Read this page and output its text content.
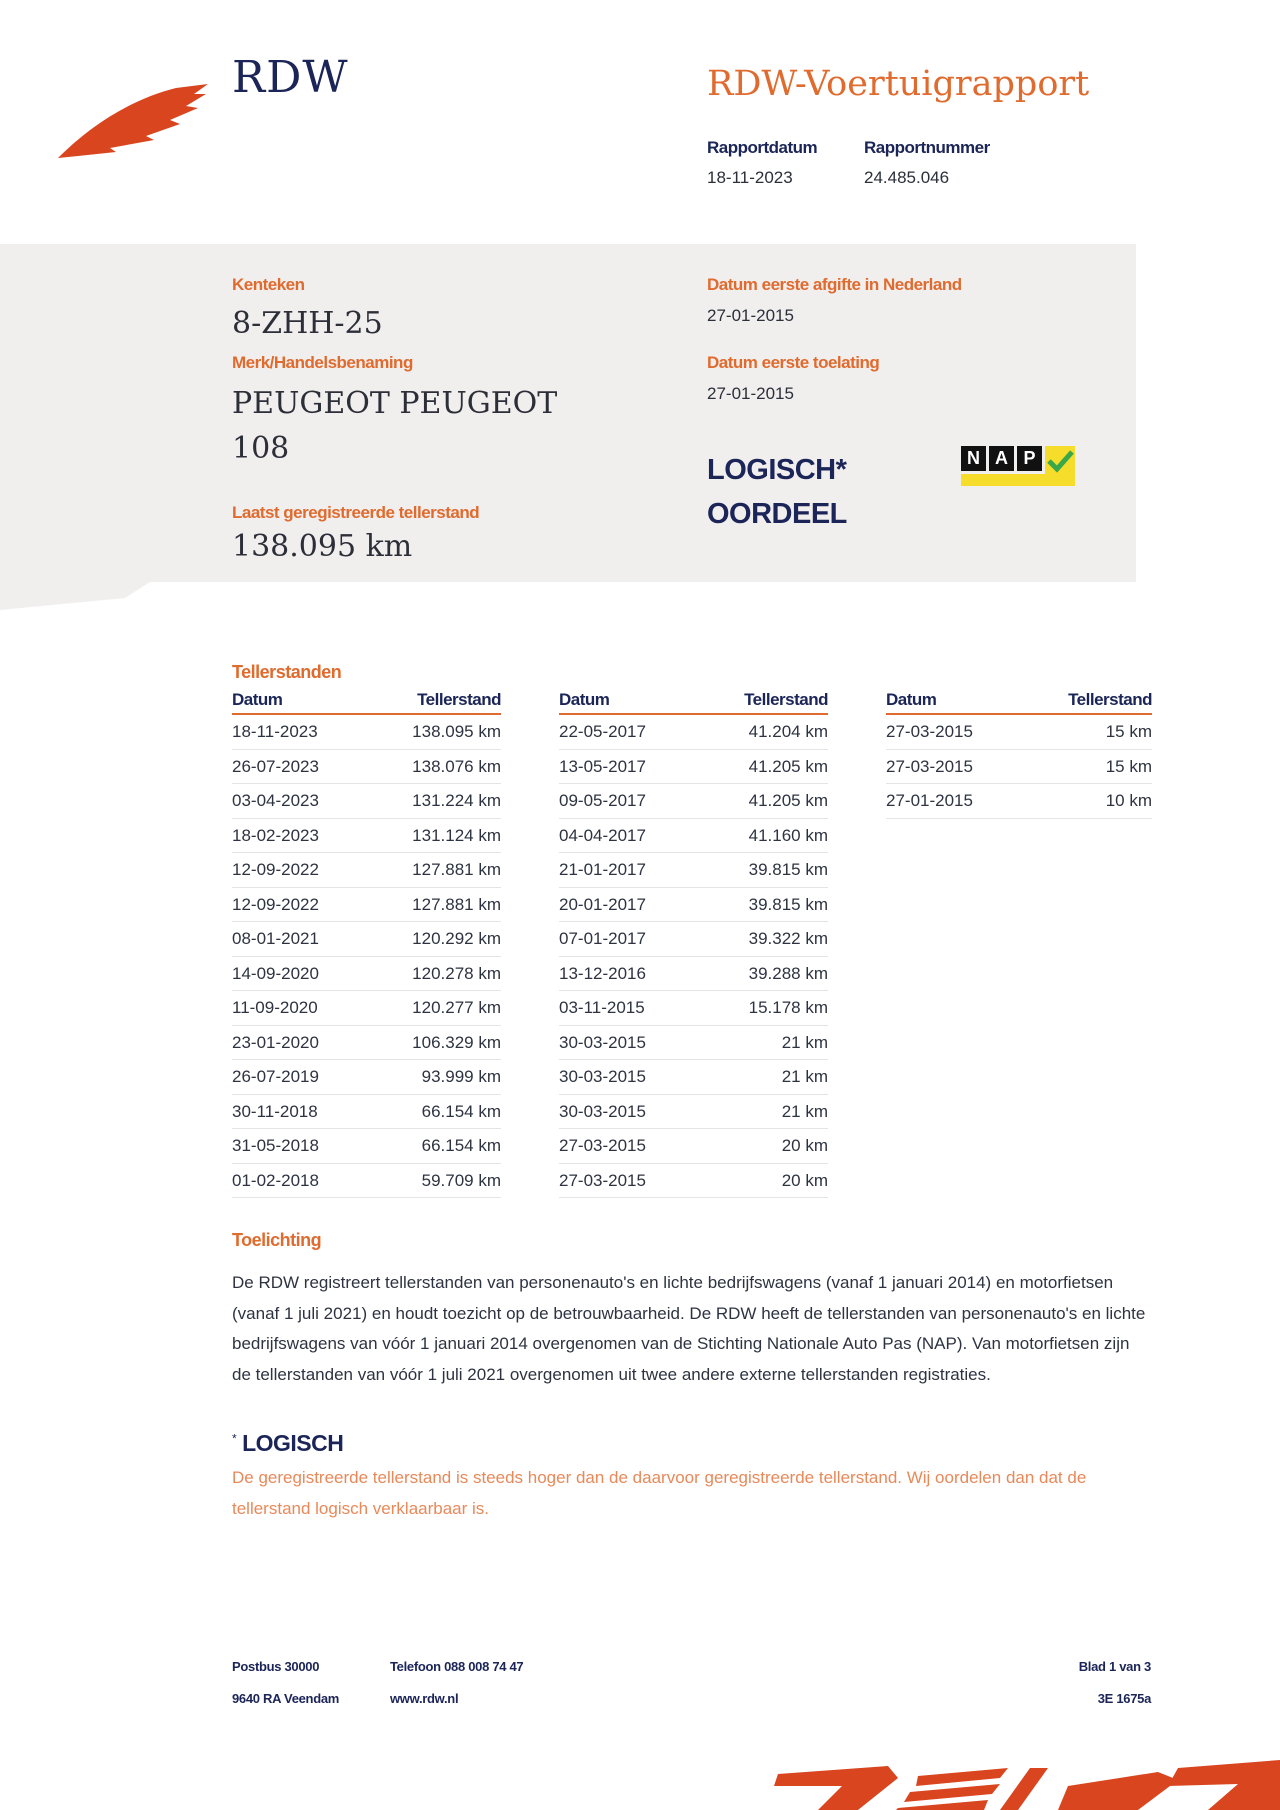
RDW	RDW-Voertuigrapport
Rapportdatum
18-11-2023
Rapportnummer
24.485.046
Kenteken
8-ZHH-25
Merk/Handelsbenaming
PEUGEOT PEUGEOT
108
Laatst geregistreerde tellerstand
138.095 km
Datum eerste afgifte in Nederland
27-01-2015
Datum eerste toelating
27-01-2015
LOGISCH*
OORDEEL
N A P
Tellerstanden
Datum	Tellerstand
18-11-2023	138.095 km
26-07-2023	138.076 km
03-04-2023	131.224 km
18-02-2023	131.124 km
12-09-2022	127.881 km
12-09-2022	127.881 km
08-01-2021	120.292 km
14-09-2020	120.278 km
11-09-2020	120.277 km
23-01-2020	106.329 km
26-07-2019	93.999 km
30-11-2018	66.154 km
31-05-2018	66.154 km
01-02-2018	59.709 km
Datum	Tellerstand
22-05-2017	41.204 km
13-05-2017	41.205 km
09-05-2017	41.205 km
04-04-2017	41.160 km
21-01-2017	39.815 km
20-01-2017	39.815 km
07-01-2017	39.322 km
13-12-2016	39.288 km
03-11-2015	15.178 km
30-03-2015	21 km
30-03-2015	21 km
30-03-2015	21 km
27-03-2015	20 km
27-03-2015	20 km
Datum	Tellerstand
27-03-2015	15 km
27-03-2015	15 km
27-01-2015	10 km
Toelichting
De RDW registreert tellerstanden van personenauto's en lichte bedrijfswagens (vanaf 1 januari 2014) en motorfietsen (vanaf 1 juli 2021) en houdt toezicht op de betrouwbaarheid. De RDW heeft de tellerstanden van personenauto's en lichte bedrijfswagens van vóór 1 januari 2014 overgenomen van de Stichting Nationale Auto Pas (NAP). Van motorfietsen zijn de tellerstanden van vóór 1 juli 2021 overgenomen uit twee andere externe tellerstanden registraties.
* LOGISCH
De geregistreerde tellerstand is steeds hoger dan de daarvoor geregistreerde tellerstand. Wij oordelen dan dat de tellerstand logisch verklaarbaar is.
Postbus 30000
9640 RA Veendam
Telefoon 088 008 74 47
www.rdw.nl
Blad 1 van 3
3E 1675a
